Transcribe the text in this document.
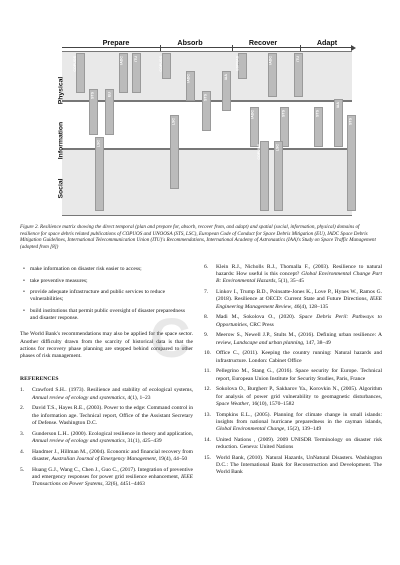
Prepare	Absorb	Recover	Adapt
COPUOS	IADC	ITU	COPUOS	ESPRAS	IADC	ITU
IADC
STS	EU	STS
IAA
IADC	STS	STS
IAA
LSC
LSC
COPUOS	LSC
STS
Physical
Information
Social
Figure 2. Resilience matrix showing the direct temporal (plan and prepare for, absorb, recover from, and adapt) and spatial (social, information, physical) domains of resilience for space debris related publications of COPUOS and UNOOSA (STS, LSC), European Code of Conduct for Space Debris Mitigation (EU), IADC Space Debris Mitigation Guidelines, International Telecommunication Union (ITU)'s Recommendations, International Academy of Astronautics (IAA)'s Study on Space Traffic Management (adopted from [8])
• make information on disaster risk easier to access;
• take preventive measures;
• provide adequate infrastructure and public services to reduce vulnerabilities;
• build institutions that permit public oversight of disaster preparedness and disaster response.

The World Bank's recommendations may also be applied for the space sector. Another difficulty drawn from the scarcity of historical data is that the actions for recovery phase planning are stepped behind compared to other phases of risk management.

REFERENCES
1. Crawford S.H.. (1973). Resilience and stability of ecological systems, Annual review of ecology and systematics, 4(1), 1–23
2. David T.S., Hayes R.E., (2003). Power to the edge: Command control in the information age. Technical report, Office of the Assistant Secretary of Defense. Washington D.C.
3. Gunderson L.H.. (2000). Ecological resilience in theory and application, Annual review of ecology and systematics, 31(1), 425–439
4. Handmer J., Hillman M., (2004). Economic and financial recovery from disaster, Australian Journal of Emergency Management, 19(4), 44–50
5. Huang G.J., Wang C., Chen J., Guo C., (2017). Integration of preventive and emergency responses for power grid resilience enhancement, IEEE Transactions on Power Systems, 32(6), 4451–4463
6. Klein R.J., Nicholls R.J., Thomalla F., (2003). Resilience to natural hazards: How useful is this concept? Global Environmental Change Part B: Environmental Hazards, 5(1), 35–45
7. Linkov I., Trump B.D., Poinsatte-Jones K., Love P., Hynes W., Ramos G. (2018). Resilience at OECD: Current State and Future Directions, IEEE Engineering Management Review, 46(4), 128–135
8. Madi M., Sokolova O., (2020). Space Debris Peril: Pathways to Opportunities, CRC Press
9. Meerow S., Newell J.P., Stults M., (2016). Defining urban resilience: A review, Landscape and urban planning, 147, 38–49
10. Office C., (2011). Keeping the country running: Natural hazards and infrastructure. London: Cabinet Office
11. Pellegrino M., Stang G., (2016). Space security for Europe. Technical report, European Union Institute for Security Studies, Paris, France
12. Sokolova O., Burgherr P., Sakharov Ya., Korovkin N., (2005). Algorithm for analysis of power grid vulnerability to geomagnetic disturbances, Space Weather, 16(10), 1570–1582
13. Tompkins E.L., (2005). Planning for climate change in small islands: insights from national hurricane preparedness in the cayman islands, Global Environmental Change, 15(2), 139–149
14. United Nations , (2009). 2009 UNISDR Terminology on disaster risk reduction. Geneva: United Nations
15. World Bank, (2010). Natural Hazards, UnNatural Disasters. Washington D.C.: The International Bank for Reconstruction and Development. The World Bank
C
